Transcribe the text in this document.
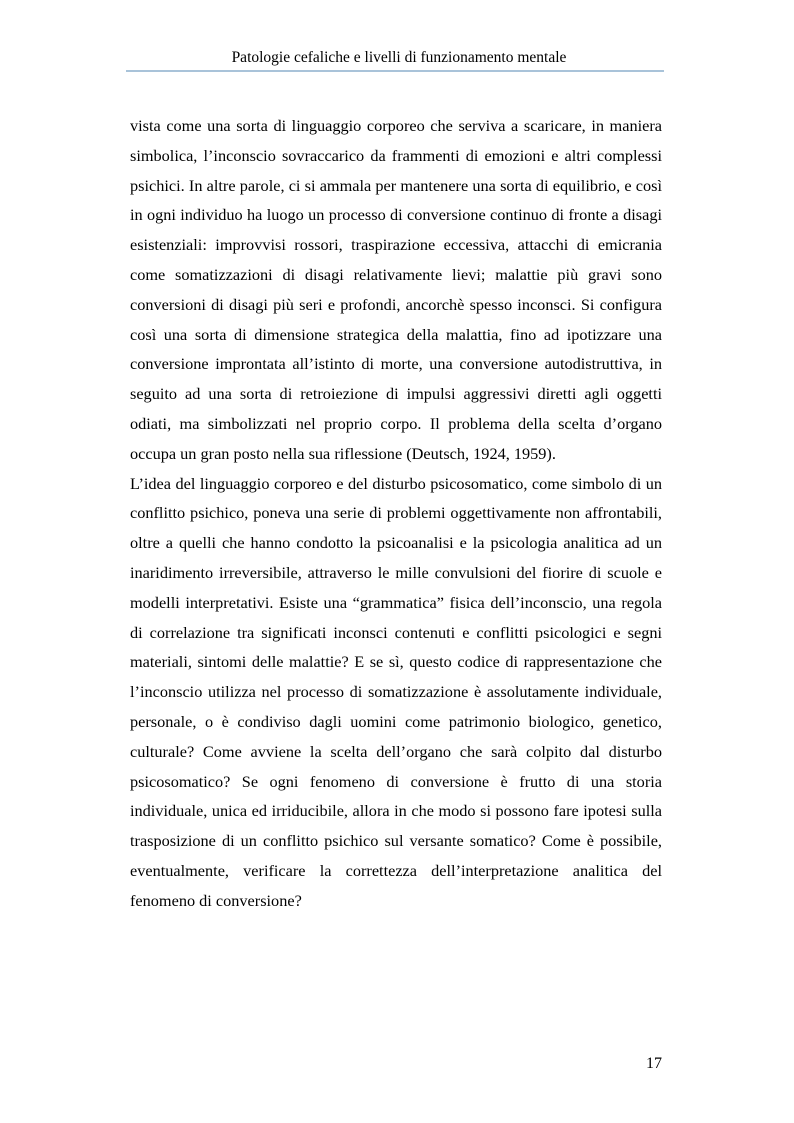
Patologie cefaliche e livelli di funzionamento mentale

vista come una sorta di linguaggio corporeo che serviva a scaricare, in maniera simbolica, l’inconscio sovraccarico da frammenti di emozioni e altri complessi psichici. In altre parole, ci si ammala per mantenere una sorta di equilibrio, e così in ogni individuo ha luogo un processo di conversione continuo di fronte a disagi esistenziali: improvvisi rossori, traspirazione eccessiva, attacchi di emicrania come somatizzazioni di disagi relativamente lievi; malattie più gravi sono conversioni di disagi più seri e profondi, ancorchè spesso inconsci. Si configura così una sorta di dimensione strategica della malattia, fino ad ipotizzare una conversione improntata all’istinto di morte, una conversione autodistruttiva, in seguito ad una sorta di retroiezione di impulsi aggressivi diretti agli oggetti odiati, ma simbolizzati nel proprio corpo. Il problema della scelta d’organo occupa un gran posto nella sua riflessione (Deutsch, 1924, 1959).

L’idea del linguaggio corporeo e del disturbo psicosomatico, come simbolo di un conflitto psichico, poneva una serie di problemi oggettivamente non affrontabili, oltre a quelli che hanno condotto la psicoanalisi e la psicologia analitica ad un inaridimento irreversibile, attraverso le mille convulsioni del fiorire di scuole e modelli interpretativi. Esiste una “grammatica” fisica dell’inconscio, una regola di correlazione tra significati inconsci contenuti e conflitti psicologici e segni materiali, sintomi delle malattie? E se sì, questo codice di rappresentazione che l’inconscio utilizza nel processo di somatizzazione è assolutamente individuale, personale, o è condiviso dagli uomini come patrimonio biologico, genetico, culturale? Come avviene la scelta dell’organo che sarà colpito dal disturbo psicosomatico? Se ogni fenomeno di conversione è frutto di una storia individuale, unica ed irriducibile, allora in che modo si possono fare ipotesi sulla trasposizione di un conflitto psichico sul versante somatico? Come è possibile, eventualmente, verificare la correttezza dell’interpretazione analitica del fenomeno di conversione?

17
